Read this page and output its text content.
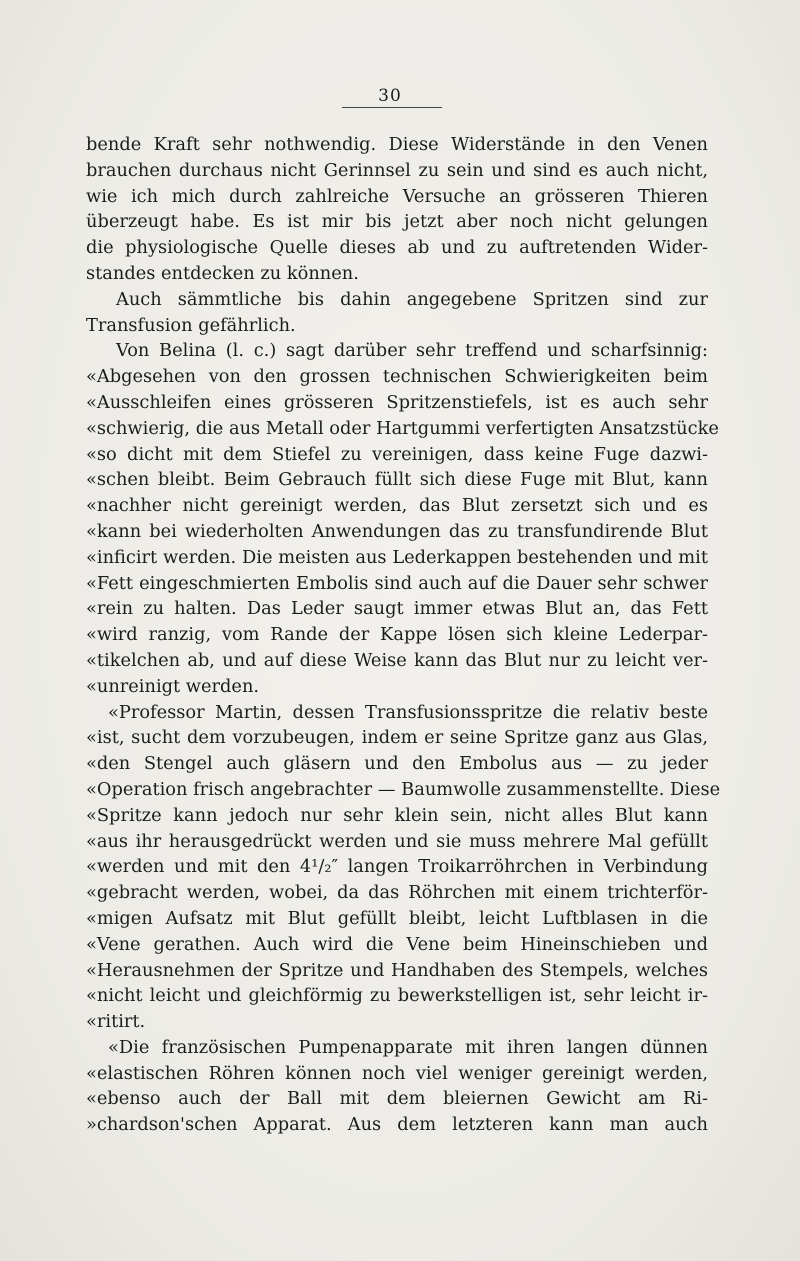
30
bende Kraft sehr nothwendig. Diese Widerstände in den Venen
brauchen durchaus nicht Gerinnsel zu sein und sind es auch nicht,
wie ich mich durch zahlreiche Versuche an grösseren Thieren
überzeugt habe. Es ist mir bis jetzt aber noch nicht gelungen
die physiologische Quelle dieses ab und zu auftretenden Wider-
standes entdecken zu können.
Auch sämmtliche bis dahin angegebene Spritzen sind zur
Transfusion gefährlich.
Von Belina (l. c.) sagt darüber sehr treffend und scharfsinnig:
«Abgesehen von den grossen technischen Schwierigkeiten beim
«Ausschleifen eines grösseren Spritzenstiefels, ist es auch sehr
«schwierig, die aus Metall oder Hartgummi verfertigten Ansatzstücke
«so dicht mit dem Stiefel zu vereinigen, dass keine Fuge dazwi-
«schen bleibt. Beim Gebrauch füllt sich diese Fuge mit Blut, kann
«nachher nicht gereinigt werden, das Blut zersetzt sich und es
«kann bei wiederholten Anwendungen das zu transfundirende Blut
«inficirt werden. Die meisten aus Lederkappen bestehenden und mit
«Fett eingeschmierten Embolis sind auch auf die Dauer sehr schwer
«rein zu halten. Das Leder saugt immer etwas Blut an, das Fett
«wird ranzig, vom Rande der Kappe lösen sich kleine Lederpar-
«tikelchen ab, und auf diese Weise kann das Blut nur zu leicht ver-
«unreinigt werden.
«Professor Martin, dessen Transfusionsspritze die relativ beste
«ist, sucht dem vorzubeugen, indem er seine Spritze ganz aus Glas,
«den Stengel auch gläsern und den Embolus aus — zu jeder
«Operation frisch angebrachter — Baumwolle zusammenstellte. Diese
«Spritze kann jedoch nur sehr klein sein, nicht alles Blut kann
«aus ihr herausgedrückt werden und sie muss mehrere Mal gefüllt
«werden und mit den 4¹/₂″ langen Troikarröhrchen in Verbindung
«gebracht werden, wobei, da das Röhrchen mit einem trichterför-
«migen Aufsatz mit Blut gefüllt bleibt, leicht Luftblasen in die
«Vene gerathen. Auch wird die Vene beim Hineinschieben und
«Herausnehmen der Spritze und Handhaben des Stempels, welches
«nicht leicht und gleichförmig zu bewerkstelligen ist, sehr leicht ir-
«ritirt.
«Die französischen Pumpenapparate mit ihren langen dünnen
«elastischen Röhren können noch viel weniger gereinigt werden,
«ebenso auch der Ball mit dem bleiernen Gewicht am Ri-
»chardson'schen Apparat. Aus dem letzteren kann man auch
